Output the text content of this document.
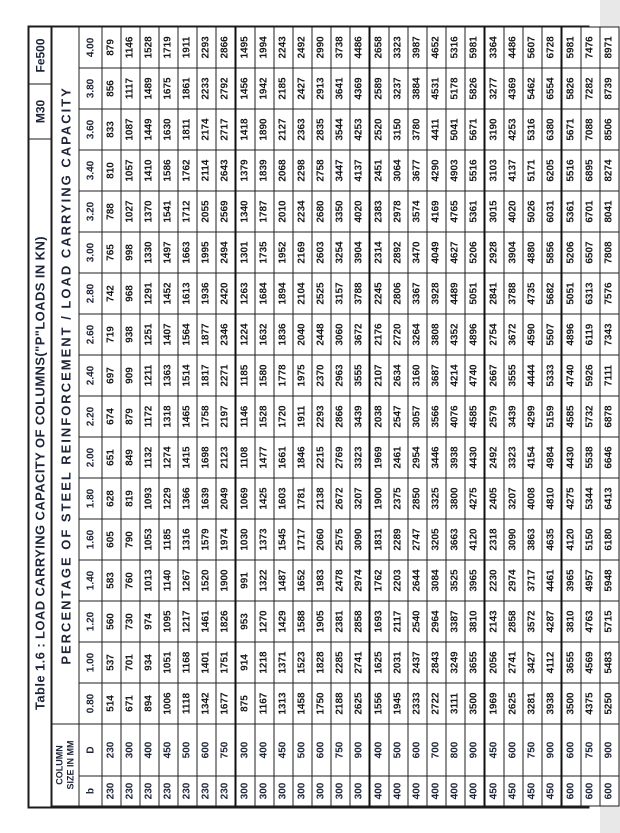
Table 1.6 : LOAD CARRYING CAPACITY OF COLUMNS("P"LOADS IN KN)
M30
Fe500
COLUMN
SIZE IN MM		PERCENTAGE OF STEEL REINFORCEMENT / LOAD CARRYING CAPACITY																
b	D	0.80	1.00	1.20	1.40	1.60	1.80	2.00	2.20	2.40	2.60	2.80	3.00	3.20	3.40	3.60	3.80	4.00
230	230	514	537	560	583	605	628	651	674	697	719	742	765	788	810	833	856	879
230	300	671	701	730	760	790	819	849	879	909	938	968	998	1027	1057	1087	1117	1146
230	400	894	934	974	1013	1053	1093	1132	1172	1211	1251	1291	1330	1370	1410	1449	1489	1528
230	450	1006	1051	1095	1140	1185	1229	1274	1318	1363	1407	1452	1497	1541	1586	1630	1675	1719
230	500	1118	1168	1217	1267	1316	1366	1415	1465	1514	1564	1613	1663	1712	1762	1811	1861	1911
230	600	1342	1401	1461	1520	1579	1639	1698	1758	1817	1877	1936	1995	2055	2114	2174	2233	2293
230	750	1677	1751	1826	1900	1974	2049	2123	2197	2271	2346	2420	2494	2569	2643	2717	2792	2866
300	300	875	914	953	991	1030	1069	1108	1146	1185	1224	1263	1301	1340	1379	1418	1456	1495
300	400	1167	1218	1270	1322	1373	1425	1477	1528	1580	1632	1684	1735	1787	1839	1890	1942	1994
300	450	1313	1371	1429	1487	1545	1603	1661	1720	1778	1836	1894	1952	2010	2068	2127	2185	2243
300	500	1458	1523	1588	1652	1717	1781	1846	1911	1975	2040	2104	2169	2234	2298	2363	2427	2492
300	600	1750	1828	1905	1983	2060	2138	2215	2293	2370	2448	2525	2603	2680	2758	2835	2913	2990
300	750	2188	2285	2381	2478	2575	2672	2769	2866	2963	3060	3157	3254	3350	3447	3544	3641	3738
300	900	2625	2741	2858	2974	3090	3207	3323	3439	3555	3672	3788	3904	4020	4137	4253	4369	4486
400	400	1556	1625	1693	1762	1831	1900	1969	2038	2107	2176	2245	2314	2383	2451	2520	2589	2658
400	500	1945	2031	2117	2203	2289	2375	2461	2547	2634	2720	2806	2892	2978	3064	3150	3237	3323
400	600	2333	2437	2540	2644	2747	2850	2954	3057	3160	3264	3367	3470	3574	3677	3780	3884	3987
400	700	2722	2843	2964	3084	3205	3325	3446	3566	3687	3808	3928	4049	4169	4290	4411	4531	4652
400	800	3111	3249	3387	3525	3663	3800	3938	4076	4214	4352	4489	4627	4765	4903	5041	5178	5316
400	900	3500	3655	3810	3965	4120	4275	4430	4585	4740	4896	5051	5206	5361	5516	5671	5826	5981
450	450	1969	2056	2143	2230	2318	2405	2492	2579	2667	2754	2841	2928	3015	3103	3190	3277	3364
450	600	2625	2741	2858	2974	3090	3207	3323	3439	3555	3672	3788	3904	4020	4137	4253	4369	4486
450	750	3281	3427	3572	3717	3863	4008	4154	4299	4444	4590	4735	4880	5026	5171	5316	5462	5607
450	900	3938	4112	4287	4461	4635	4810	4984	5159	5333	5507	5682	5856	6031	6205	6380	6554	6728
600	600	3500	3655	3810	3965	4120	4275	4430	4585	4740	4896	5051	5206	5361	5516	5671	5826	5981
600	750	4375	4569	4763	4957	5150	5344	5538	5732	5926	6119	6313	6507	6701	6895	7088	7282	7476
600	900	5250	5483	5715	5948	6180	6413	6646	6878	7111	7343	7576	7808	8041	8274	8506	8739	8971
